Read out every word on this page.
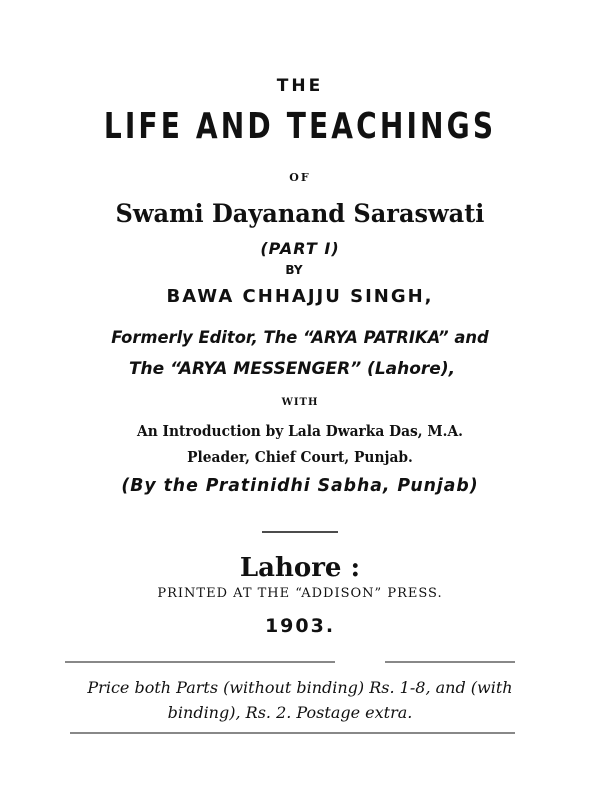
THE
LIFE AND TEACHINGS
OF
Swami Dayanand Saraswati
(PART I)
BY
BAWA CHHAJJU SINGH,
Formerly Editor, The “ARYA PATRIKA” and
The “ARYA MESSENGER” (Lahore),
WITH
An Introduction by Lala Dwarka Das, M.A.
Pleader, Chief Court, Punjab.
(By the Pratinidhi Sabha, Punjab)
Lahore :
PRINTED AT THE “ADDISON” PRESS.
1903.
Price both Parts (without binding) Rs. 1-8, and (with
binding), Rs. 2. Postage extra.
